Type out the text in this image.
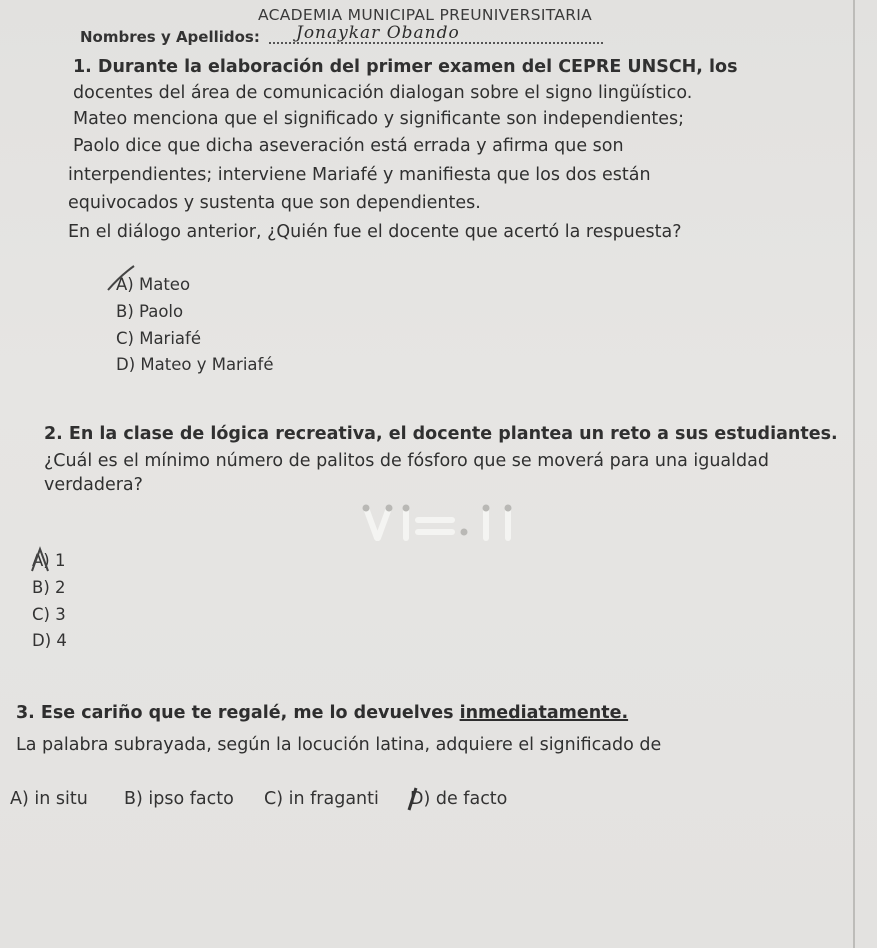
ACADEMIA MUNICIPAL PREUNIVERSITARIA
Nombres y Apellidos: Jonaykar Obando
1. Durante la elaboración del primer examen del CEPRE UNSCH, los
docentes del área de comunicación dialogan sobre el signo lingüístico.
Mateo menciona que el significado y significante son independientes;
Paolo dice que dicha aseveración está errada y afirma que son
interpendientes; interviene Mariafé y manifiesta que los dos están
equivocados y sustenta que son dependientes.
En el diálogo anterior, ¿Quién fue el docente que acertó la respuesta?
A) Mateo
B) Paolo
C) Mariafé
D) Mateo y Mariafé
2. En la clase de lógica recreativa, el docente plantea un reto a sus estudiantes.
¿Cuál es el mínimo número de palitos de fósforo que se moverá para una igualdad
verdadera?
A) 1
B) 2
C) 3
D) 4
3. Ese cariño que te regalé, me lo devuelves inmediatamente.
La palabra subrayada, según la locución latina, adquiere el significado de
A) in situ B) ipso facto C) in fraganti D) de facto
